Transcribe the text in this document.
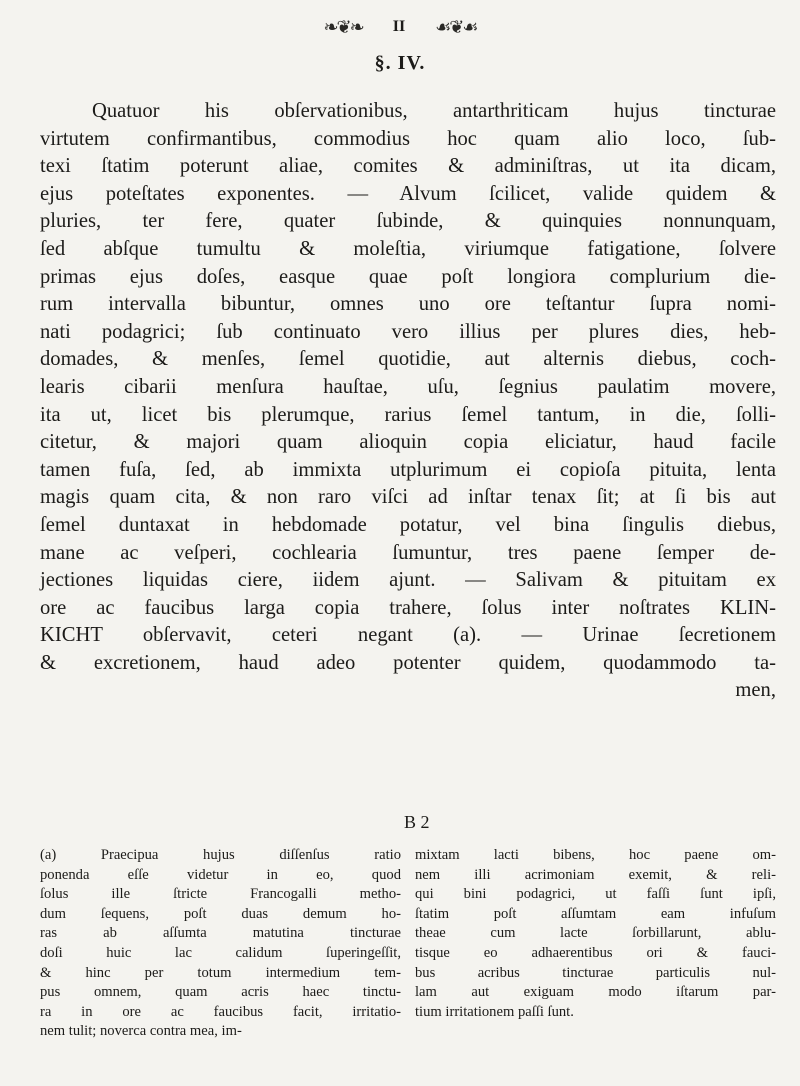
❧❦❧ II ☙❦☙
§. IV.
Quatuor his obſervationibus, antarthriticam hujus tincturae
virtutem confirmantibus, commodius hoc quam alio loco, ſub-
texi ſtatim poterunt aliae, comites & adminiſtras, ut ita dicam,
ejus poteſtates exponentes. — Alvum ſcilicet, valide quidem &
pluries, ter fere, quater ſubinde, & quinquies nonnunquam,
ſed abſque tumultu & moleſtia, viriumque fatigatione, ſolvere
primas ejus doſes, easque quae poſt longiora complurium die-
rum intervalla bibuntur, omnes uno ore teſtantur ſupra nomi-
nati podagrici; ſub continuato vero illius per plures dies, heb-
domades, & menſes, ſemel quotidie, aut alternis diebus, coch-
learis cibarii menſura hauſtae, uſu, ſegnius paulatim movere,
ita ut, licet bis plerumque, rarius ſemel tantum, in die, ſolli-
citetur, & majori quam alioquin copia eliciatur, haud facile
tamen fuſa, ſed, ab immixta utplurimum ei copioſa pituita, lenta
magis quam cita, & non raro viſci ad inſtar tenax ſit; at ſi bis aut
ſemel duntaxat in hebdomade potatur, vel bina ſingulis diebus,
mane ac veſperi, cochlearia ſumuntur, tres paene ſemper de-
jectiones liquidas ciere, iidem ajunt. — Salivam & pituitam ex
ore ac faucibus larga copia trahere, ſolus inter noſtrates KLIN-
KICHT obſervavit, ceteri negant (a). — Urinae ſecretionem
& excretionem, haud adeo potenter quidem, quodammodo ta-
men,
B 2
(a) Praecipua hujus diſſenſus ratio
ponenda eſſe videtur in eo, quod
ſolus ille ſtricte Francogalli metho-
dum ſequens, poſt duas demum ho-
ras ab aſſumta matutina tincturae
doſi huic lac calidum ſuperingeſſit,
& hinc per totum intermedium tem-
pus omnem, quam acris haec tinctu-
ra in ore ac faucibus facit, irritatio-
nem tulit; noverca contra mea, im-
mixtam lacti bibens, hoc paene om-
nem illi acrimoniam exemit, & reli-
qui bini podagrici, ut faſſi ſunt ipſi,
ſtatim poſt aſſumtam eam infuſum
theae cum lacte ſorbillarunt, ablu-
tisque eo adhaerentibus ori & fauci-
bus acribus tincturae particulis nul-
lam aut exiguam modo iſtarum par-
tium irritationem paſſi ſunt.
